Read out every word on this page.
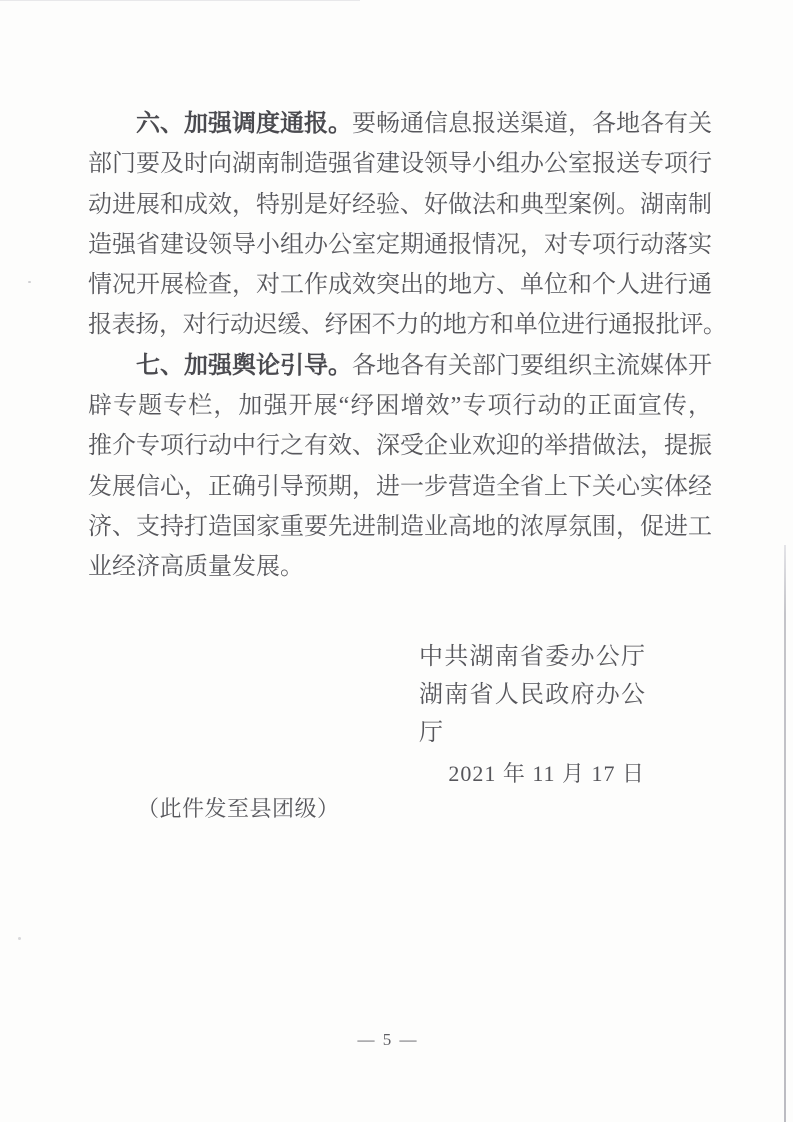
六、加强调度通报。要畅通信息报送渠道，各地各有关
部门要及时向湖南制造强省建设领导小组办公室报送专项行
动进展和成效，特别是好经验、好做法和典型案例。湖南制
造强省建设领导小组办公室定期通报情况，对专项行动落实
情况开展检查，对工作成效突出的地方、单位和个人进行通
报表扬，对行动迟缓、纾困不力的地方和单位进行通报批评。
七、加强舆论引导。各地各有关部门要组织主流媒体开
辟专题专栏，加强开展“纾困增效”专项行动的正面宣传，
推介专项行动中行之有效、深受企业欢迎的举措做法，提振
发展信心，正确引导预期，进一步营造全省上下关心实体经
济、支持打造国家重要先进制造业高地的浓厚氛围，促进工
业经济高质量发展。
中共湖南省委办公厅
湖南省人民政府办公厅
2021 年 11 月 17 日
（此件发至县团级）
— 5 —
